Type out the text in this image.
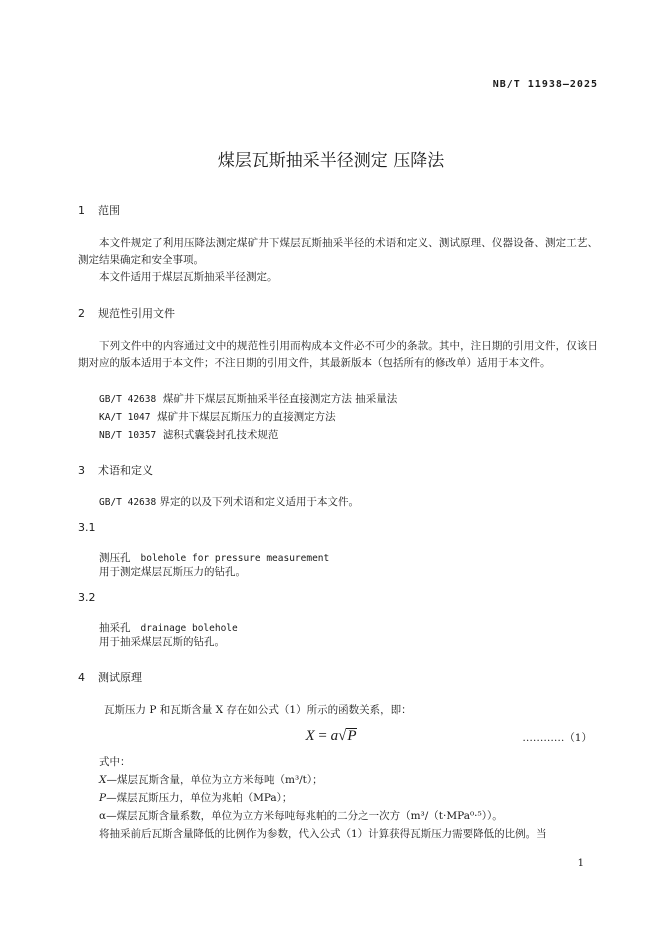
NB/T 11938—2025
煤层瓦斯抽采半径测定 压降法
1 范围
本文件规定了利用压降法测定煤矿井下煤层瓦斯抽采半径的术语和定义、测试原理、仪器设备、测定工艺、测定结果确定和安全事项。
本文件适用于煤层瓦斯抽采半径测定。
2 规范性引用文件
下列文件中的内容通过文中的规范性引用而构成本文件必不可少的条款。其中，注日期的引用文件，仅该日期对应的版本适用于本文件；不注日期的引用文件，其最新版本（包括所有的修改单）适用于本文件。
GB/T 42638 煤矿井下煤层瓦斯抽采半径直接测定方法 抽采量法
KA/T 1047 煤矿井下煤层瓦斯压力的直接测定方法
NB/T 10357 滤积式囊袋封孔技术规范
3 术语和定义
GB/T 42638 界定的以及下列术语和定义适用于本文件。
3.1
测压孔 bolehole for pressure measurement
用于测定煤层瓦斯压力的钻孔。
3.2
抽采孔 drainage bolehole
用于抽采煤层瓦斯的钻孔。
4 测试原理
瓦斯压力 P 和瓦斯含量 X 存在如公式（1）所示的函数关系，即：
X = a√P	…………（1）
式中：
X—煤层瓦斯含量，单位为立方米每吨（m³/t）；
P—煤层瓦斯压力，单位为兆帕（MPa）；
α—煤层瓦斯含量系数，单位为立方米每吨每兆帕的二分之一次方（m³/（t·MPa⁰·⁵））。
将抽采前后瓦斯含量降低的比例作为参数，代入公式（1）计算获得瓦斯压力需要降低的比例。当
1
